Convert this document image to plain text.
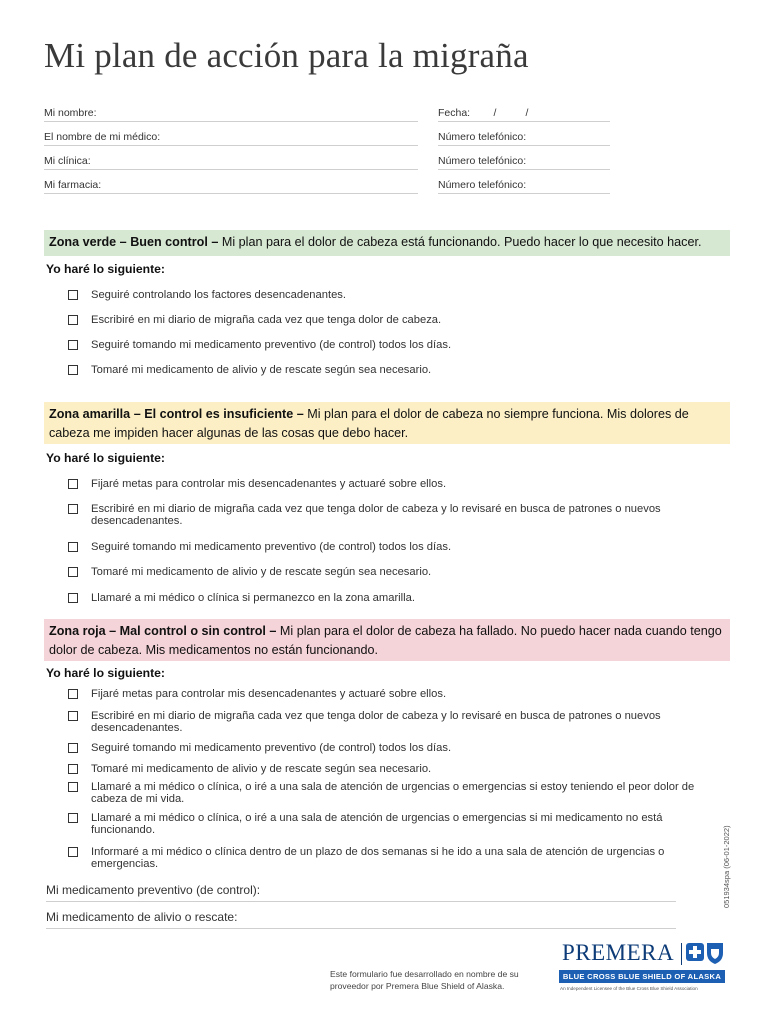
Mi plan de acción para la migraña
Mi nombre:	Fecha:        /          /
El nombre de mi médico:	Número telefónico:
Mi clínica:	Número telefónico:
Mi farmacia:	Número telefónico:
Zona verde – Buen control – Mi plan para el dolor de cabeza está funcionando. Puedo hacer lo que necesito hacer.
Yo haré lo siguiente:
Seguiré controlando los factores desencadenantes.
Escribiré en mi diario de migraña cada vez que tenga dolor de cabeza.
Seguiré tomando mi medicamento preventivo (de control) todos los días.
Tomaré mi medicamento de alivio y de rescate según sea necesario.
Zona amarilla – El control es insuficiente – Mi plan para el dolor de cabeza no siempre funciona. Mis dolores de cabeza me impiden hacer algunas de las cosas que debo hacer.
Yo haré lo siguiente:
Fijaré metas para controlar mis desencadenantes y actuaré sobre ellos.
Escribiré en mi diario de migraña cada vez que tenga dolor de cabeza y lo revisaré en busca de patrones o nuevos desencadenantes.
Seguiré tomando mi medicamento preventivo (de control) todos los días.
Tomaré mi medicamento de alivio y de rescate según sea necesario.
Llamaré a mi médico o clínica si permanezco en la zona amarilla.
Zona roja – Mal control o sin control – Mi plan para el dolor de cabeza ha fallado. No puedo hacer nada cuando tengo dolor de cabeza. Mis medicamentos no están funcionando.
Yo haré lo siguiente:
Fijaré metas para controlar mis desencadenantes y actuaré sobre ellos.
Escribiré en mi diario de migraña cada vez que tenga dolor de cabeza y lo revisaré en busca de patrones o nuevos desencadenantes.
Seguiré tomando mi medicamento preventivo (de control) todos los días.
Tomaré mi medicamento de alivio y de rescate según sea necesario.
Llamaré a mi médico o clínica, o iré a una sala de atención de urgencias o emergencias si estoy teniendo el peor dolor de cabeza de mi vida.
Llamaré a mi médico o clínica, o iré a una sala de atención de urgencias o emergencias si mi medicamento no está funcionando.
Informaré a mi médico o clínica dentro de un plazo de dos semanas si he ido a una sala de atención de urgencias o emergencias.
Mi medicamento preventivo (de control):
Mi medicamento de alivio o rescate:
051934spa (06-01-2022)
Este formulario fue desarrollado en nombre de su proveedor por Premera Blue Shield of Alaska.
PREMERA
BLUE CROSS BLUE SHIELD OF ALASKA
An Independent Licensee of the Blue Cross Blue Shield Association
